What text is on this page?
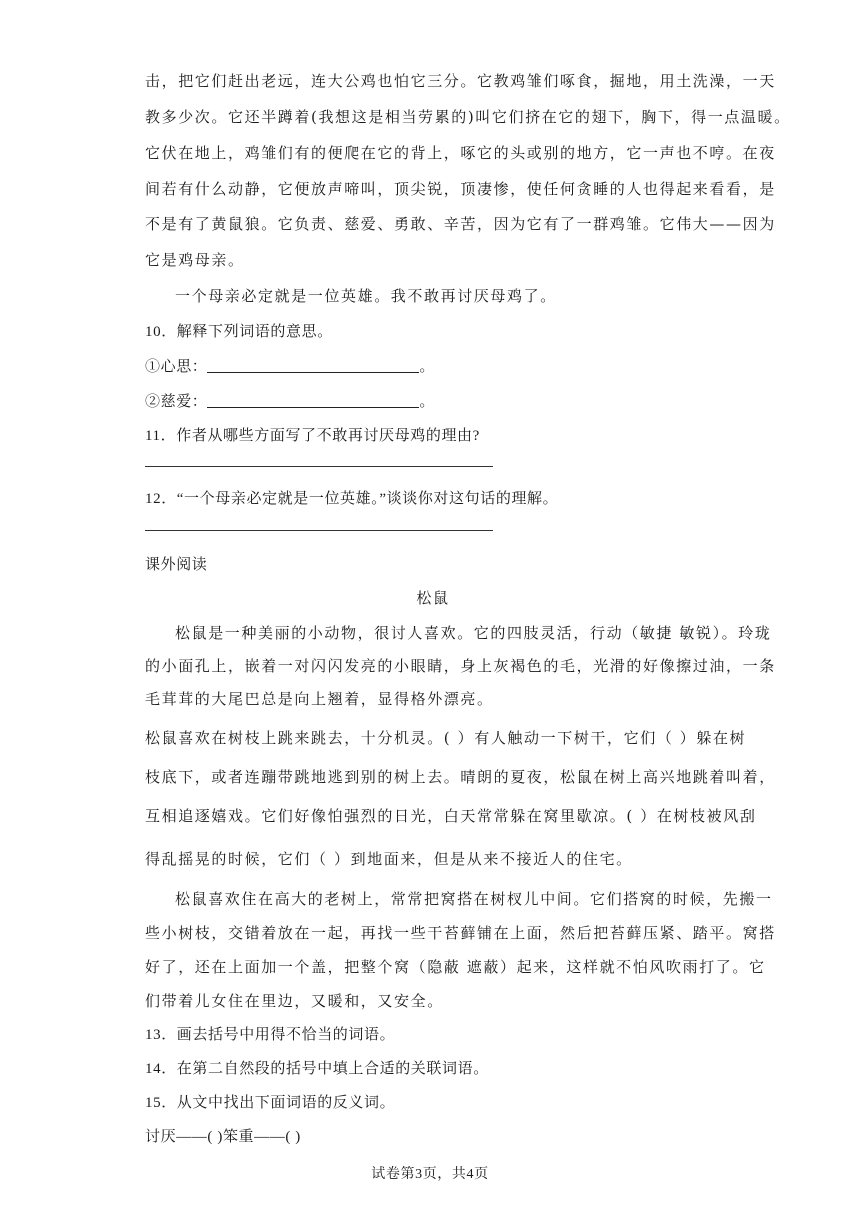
击，把它们赶出老远，连大公鸡也怕它三分。它教鸡雏们啄食，掘地，用土洗澡，一天
教多少次。它还半蹲着(我想这是相当劳累的)叫它们挤在它的翅下，胸下，得一点温暖。
它伏在地上，鸡雏们有的便爬在它的背上，啄它的头或别的地方，它一声也不哼。在夜
间若有什么动静，它便放声啼叫，顶尖锐，顶凄惨，使任何贪睡的人也得起来看看，是
不是有了黄鼠狼。它负责、慈爱、勇敢、辛苦，因为它有了一群鸡雏。它伟大——因为
它是鸡母亲。
一个母亲必定就是一位英雄。我不敢再讨厌母鸡了。
10．解释下列词语的意思。
①心思：	。
②慈爱：	。
11．作者从哪些方面写了不敢再讨厌母鸡的理由?
12．“一个母亲必定就是一位英雄。”谈谈你对这句话的理解。
课外阅读
松鼠
松鼠是一种美丽的小动物，很讨人喜欢。它的四肢灵活，行动（敏捷 敏锐）。玲珑
的小面孔上，嵌着一对闪闪发亮的小眼睛，身上灰褐色的毛，光滑的好像擦过油，一条
毛茸茸的大尾巴总是向上翘着，显得格外漂亮。
松鼠喜欢在树枝上跳来跳去，十分机灵。( ）有人触动一下树干，它们（ ）躲在树
枝底下，或者连蹦带跳地逃到别的树上去。晴朗的夏夜，松鼠在树上高兴地跳着叫着，
互相追逐嬉戏。它们好像怕强烈的日光，白天常常躲在窝里歇凉。( ）在树枝被风刮
得乱摇晃的时候，它们（ ）到地面来，但是从来不接近人的住宅。
松鼠喜欢住在高大的老树上，常常把窝搭在树杈儿中间。它们搭窝的时候，先搬一
些小树枝，交错着放在一起，再找一些干苔藓铺在上面，然后把苔藓压紧、踏平。窝搭
好了，还在上面加一个盖，把整个窝（隐蔽 遮蔽）起来，这样就不怕风吹雨打了。它
们带着儿女住在里边，又暖和，又安全。
13．画去括号中用得不恰当的词语。
14．在第二自然段的括号中填上合适的关联词语。
15．从文中找出下面词语的反义词。
讨厌——( )笨重——( )
试卷第3页，共4页
